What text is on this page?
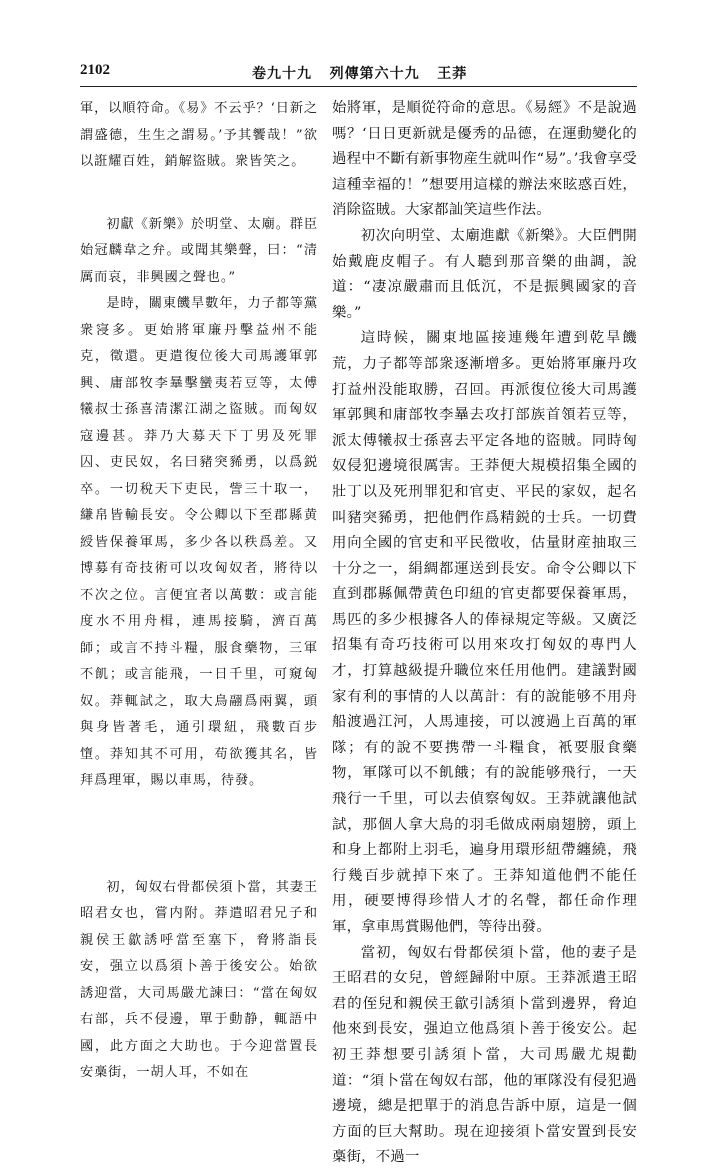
2102	卷九十九   列傳第六十九   王莽

軍，以順符命。《易》不云乎？‘日新之謂盛德，生生之謂易。’予其饗哉！”欲以誑耀百姓，銷解盜賊。衆皆笑之。

初獻《新樂》於明堂、太廟。群臣始冠麟韋之弁。或聞其樂聲，曰：“清厲而哀，非興國之聲也。”

是時，關東饑旱數年，力子都等黨衆寖多。更始將軍廉丹擊益州不能克，徵還。更遣復位後大司馬護軍郭興、庸部牧李曅擊蠻夷若豆等，太傅犧叔士孫喜清潔江湖之盜賊。而匈奴寇邊甚。莽乃大募天下丁男及死罪囚、吏民奴，名曰豬突豨勇，以爲鋭卒。一切稅天下吏民，訾三十取一，縑帛皆輸長安。令公卿以下至郡縣黄綬皆保養軍馬，多少各以秩爲差。又博募有奇技術可以攻匈奴者，將待以不次之位。言便宜者以萬數：或言能度水不用舟楫，連馬接騎，濟百萬師；或言不持斗糧，服食藥物，三軍不飢；或言能飛，一日千里，可窺匈奴。莽輒試之，取大鳥翮爲兩翼，頭與身皆著毛，通引環紐，飛數百步墯。莽知其不可用，苟欲獲其名，皆拜爲理軍，賜以車馬，待發。

初，匈奴右骨都侯須卜當，其妻王昭君女也，嘗内附。莽遣昭君兄子和親侯王歙誘呼當至塞下，脅將詣長安，强立以爲須卜善于後安公。始欲誘迎當，大司馬嚴尤諫曰：“當在匈奴右部，兵不侵邊，單于動静，輒語中國，此方面之大助也。于今迎當置長安槀街，一胡人耳，不如在

始將軍，是順從符命的意思。《易經》不是說過嗎？‘日日更新就是優秀的品德，在運動變化的過程中不斷有新事物産生就叫作“易”。’我會享受這種幸福的！”想要用這樣的辦法來眩惑百姓，消除盜賊。大家都訕笑這些作法。

初次向明堂、太廟進獻《新樂》。大臣們開始戴鹿皮帽子。有人聽到那音樂的曲調，說道：“凄凉嚴肅而且低沉，不是振興國家的音樂。”

這時候，關東地區接連幾年遭到乾旱饑荒，力子都等部衆逐漸增多。更始將軍廉丹攻打益州没能取勝，召回。再派復位後大司馬護軍郭興和庸部牧李曅去攻打部族首領若豆等，派太傅犧叔士孫喜去平定各地的盜賊。同時匈奴侵犯邊境很厲害。王莽便大規模招集全國的壯丁以及死刑罪犯和官吏、平民的家奴，起名叫豬突豨勇，把他們作爲精鋭的士兵。一切費用向全國的官吏和平民徵收，估量財産抽取三十分之一，絹綢都運送到長安。命令公卿以下直到郡縣佩帶黄色印紐的官吏都要保養軍馬，馬匹的多少根據各人的俸禄規定等級。又廣泛招集有奇巧技術可以用來攻打匈奴的專門人才，打算越級提升職位來任用他們。建議對國家有利的事情的人以萬計：有的說能够不用舟船渡過江河，人馬連接，可以渡過上百萬的軍隊；有的說不要携帶一斗糧食，衹要服食藥物，軍隊可以不飢餓；有的說能够飛行，一天飛行一千里，可以去偵察匈奴。王莽就讓他試試，那個人拿大鳥的羽毛做成兩扇翅膀，頭上和身上都附上羽毛，遍身用環形紐帶纏繞，飛行幾百步就掉下來了。王莽知道他們不能任用，硬要博得珍惜人才的名聲，都任命作理軍，拿車馬賞賜他們，等待出發。

當初，匈奴右骨都侯須卜當，他的妻子是王昭君的女兒，曾經歸附中原。王莽派遣王昭君的侄兒和親侯王歙引誘須卜當到邊界，脅迫他來到長安，强迫立他爲須卜善于後安公。起初王莽想要引誘須卜當，大司馬嚴尤規勸道：“須卜當在匈奴右部，他的軍隊没有侵犯過邊境，總是把單于的消息告訴中原，這是一個方面的巨大幫助。現在迎接須卜當安置到長安槀街，不過一
